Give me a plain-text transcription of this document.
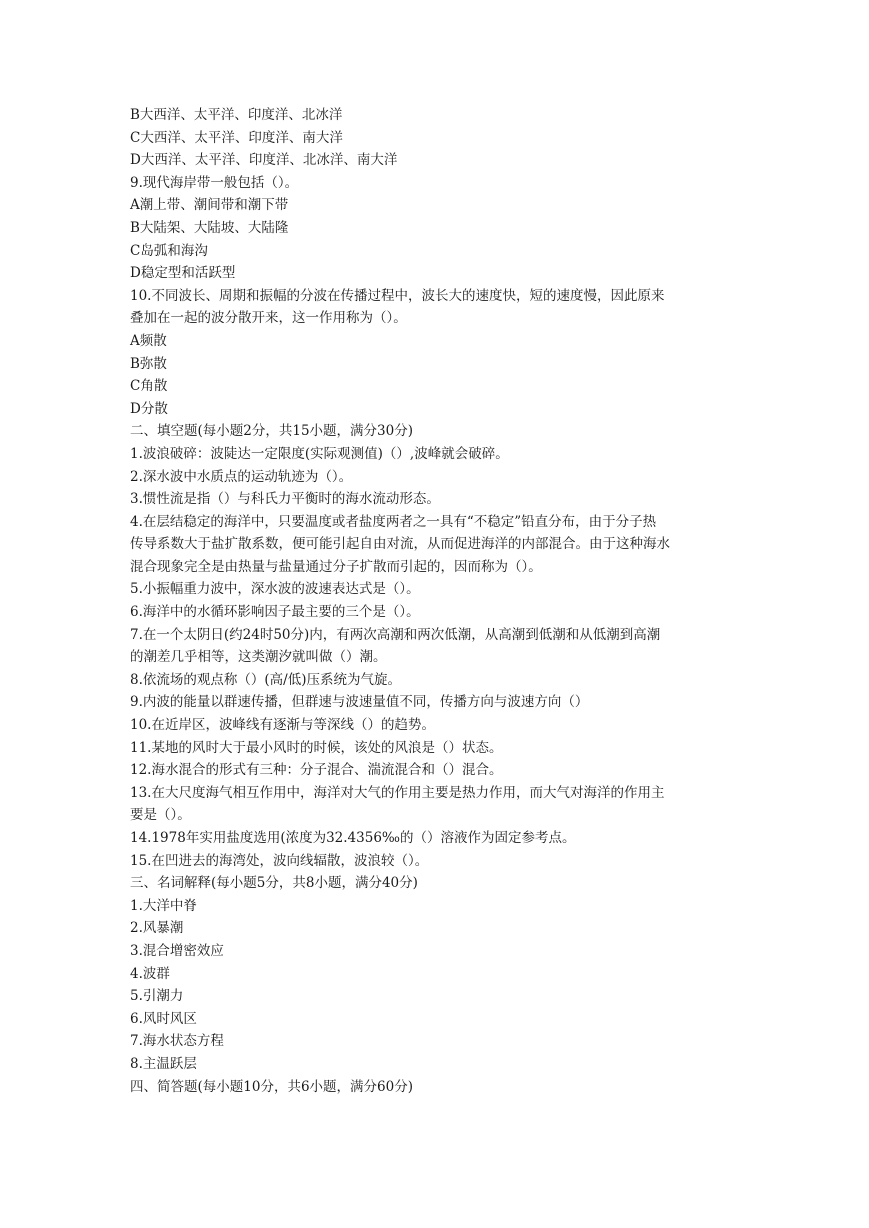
B大西洋、太平洋、印度洋、北冰洋

C大西洋、太平洋、印度洋、南大洋

D大西洋、太平洋、印度洋、北冰洋、南大洋

9.现代海岸带一般包括（）。

A潮上带、潮间带和潮下带

B大陆架、大陆坡、大陆隆

C岛弧和海沟

D稳定型和活跃型

10.不同波长、周期和振幅的分波在传播过程中，波长大的速度快，短的速度慢，因此原来

叠加在一起的波分散开来，这一作用称为（）。

A频散

B弥散

C角散

D分散

二、填空题(每小题2分，共15小题，满分30分)

1.波浪破碎：波陡达一定限度(实际观测值)（）,波峰就会破碎。

2.深水波中水质点的运动轨迹为（）。

3.惯性流是指（）与科氏力平衡时的海水流动形态。

4.在层结稳定的海洋中，只要温度或者盐度两者之一具有“不稳定”铅直分布，由于分子热

传导系数大于盐扩散系数，便可能引起自由对流，从而促进海洋的内部混合。由于这种海水

混合现象完全是由热量与盐量通过分子扩散而引起的，因而称为（）。

5.小振幅重力波中，深水波的波速表达式是（）。

6.海洋中的水循环影响因子最主要的三个是（）。

7.在一个太阴日(约24时50分)内，有两次高潮和两次低潮，从高潮到低潮和从低潮到高潮

的潮差几乎相等，这类潮汐就叫做（）潮。

8.依流场的观点称（）(高/低)压系统为气旋。

9.内波的能量以群速传播，但群速与波速量值不同，传播方向与波速方向（）

10.在近岸区，波峰线有逐渐与等深线（）的趋势。

11.某地的风时大于最小风时的时候，该处的风浪是（）状态。

12.海水混合的形式有三种：分子混合、湍流混合和（）混合。

13.在大尺度海气相互作用中，海洋对大气的作用主要是热力作用，而大气对海洋的作用主

要是（）。

14.1978年实用盐度选用(浓度为32.4356‰的（）溶液作为固定参考点。

15.在凹进去的海湾处，波向线辐散，波浪较（）。

三、名词解释(每小题5分，共8小题，满分40分)

1.大洋中脊

2.风暴潮

3.混合增密效应

4.波群

5.引潮力

6.风时风区

7.海水状态方程

8.主温跃层

四、简答题(每小题10分，共6小题，满分60分)
